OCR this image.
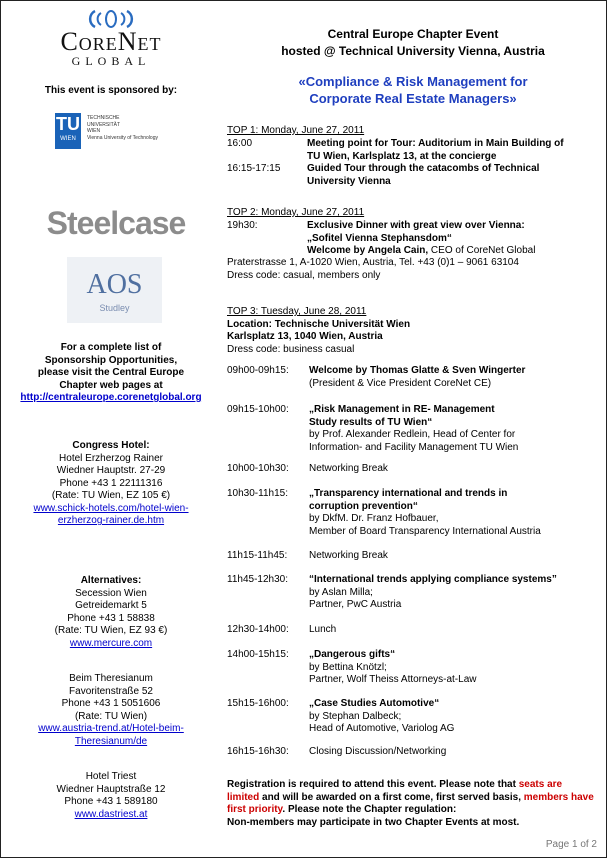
CoreNet
GLOBAL
This event is sponsored by:
TU
WIEN
TECHNISCHE
UNIVERSITÄT
WIEN
Vienna University of Technology
Steelcase
AOS
Studley
For a complete list of
Sponsorship Opportunities,
please visit the Central Europe
Chapter web pages at
http://centraleurope.corenetglobal.org
Congress Hotel:
Hotel Erzherzog Rainer
Wiedner Hauptstr. 27-29
Phone +43 1 22111316
(Rate: TU Wien, EZ 105 €)
www.schick-hotels.com/hotel-wien-
erzherzog-rainer.de.htm
Alternatives:
Secession Wien
Getreidemarkt 5
Phone +43 1 58838
(Rate: TU Wien, EZ 93 €)
www.mercure.com
Beim Theresianum
Favoritenstraße 52
Phone +43 1 5051606
(Rate: TU Wien)
www.austria-trend.at/Hotel-beim-
Theresianum/de
Hotel Triest
Wiedner Hauptstraße 12
Phone +43 1 589180
www.dastriest.at
Central Europe Chapter Event
hosted @ Technical University Vienna, Austria
«Compliance & Risk Management for
Corporate Real Estate Managers»
TOP 1: Monday, June 27, 2011
16:00	Meeting point for Tour: Auditorium in Main Building of
TU Wien, Karlsplatz 13, at the concierge
16:15-17:15	Guided Tour through the catacombs of Technical
University Vienna
TOP 2: Monday, June 27, 2011
19h30:	Exclusive Dinner with great view over Vienna:
„Sofitel Vienna Stephansdom“
Welcome by Angela Cain, CEO of CoreNet Global
Praterstrasse 1, A-1020 Wien, Austria, Tel. +43 (0)1 – 9061 63104
Dress code: casual, members only
TOP 3: Tuesday, June 28, 2011
Location: Technische Universität Wien
Karlsplatz 13, 1040 Wien, Austria
Dress code: business casual
09h00-09h15:	Welcome by Thomas Glatte & Sven Wingerter
(President & Vice President CoreNet CE)
09h15-10h00:	„Risk Management in RE- Management
Study results of TU Wien“
by Prof. Alexander Redlein, Head of Center for
Information- and Facility Management TU Wien
10h00-10h30:	Networking Break
10h30-11h15:	„Transparency international and trends in
corruption prevention“
by DkfM. Dr. Franz Hofbauer,
Member of Board Transparency International Austria
11h15-11h45:	Networking Break
11h45-12h30:	“International trends applying compliance systems”
by Aslan Milla;
Partner, PwC Austria
12h30-14h00:	Lunch
14h00-15h15:	„Dangerous gifts“
by Bettina Knötzl;
Partner, Wolf Theiss Attorneys-at-Law
15h15-16h00:	„Case Studies Automotive“
by Stephan Dalbeck;
Head of Automotive, Variolog AG
16h15-16h30:	Closing Discussion/Networking
Registration is required to attend this event. Please note that seats are limited and will be awarded on a first come, first served basis, members have first priority. Please note the Chapter regulation:
Non-members may participate in two Chapter Events at most.
Page 1 of 2
